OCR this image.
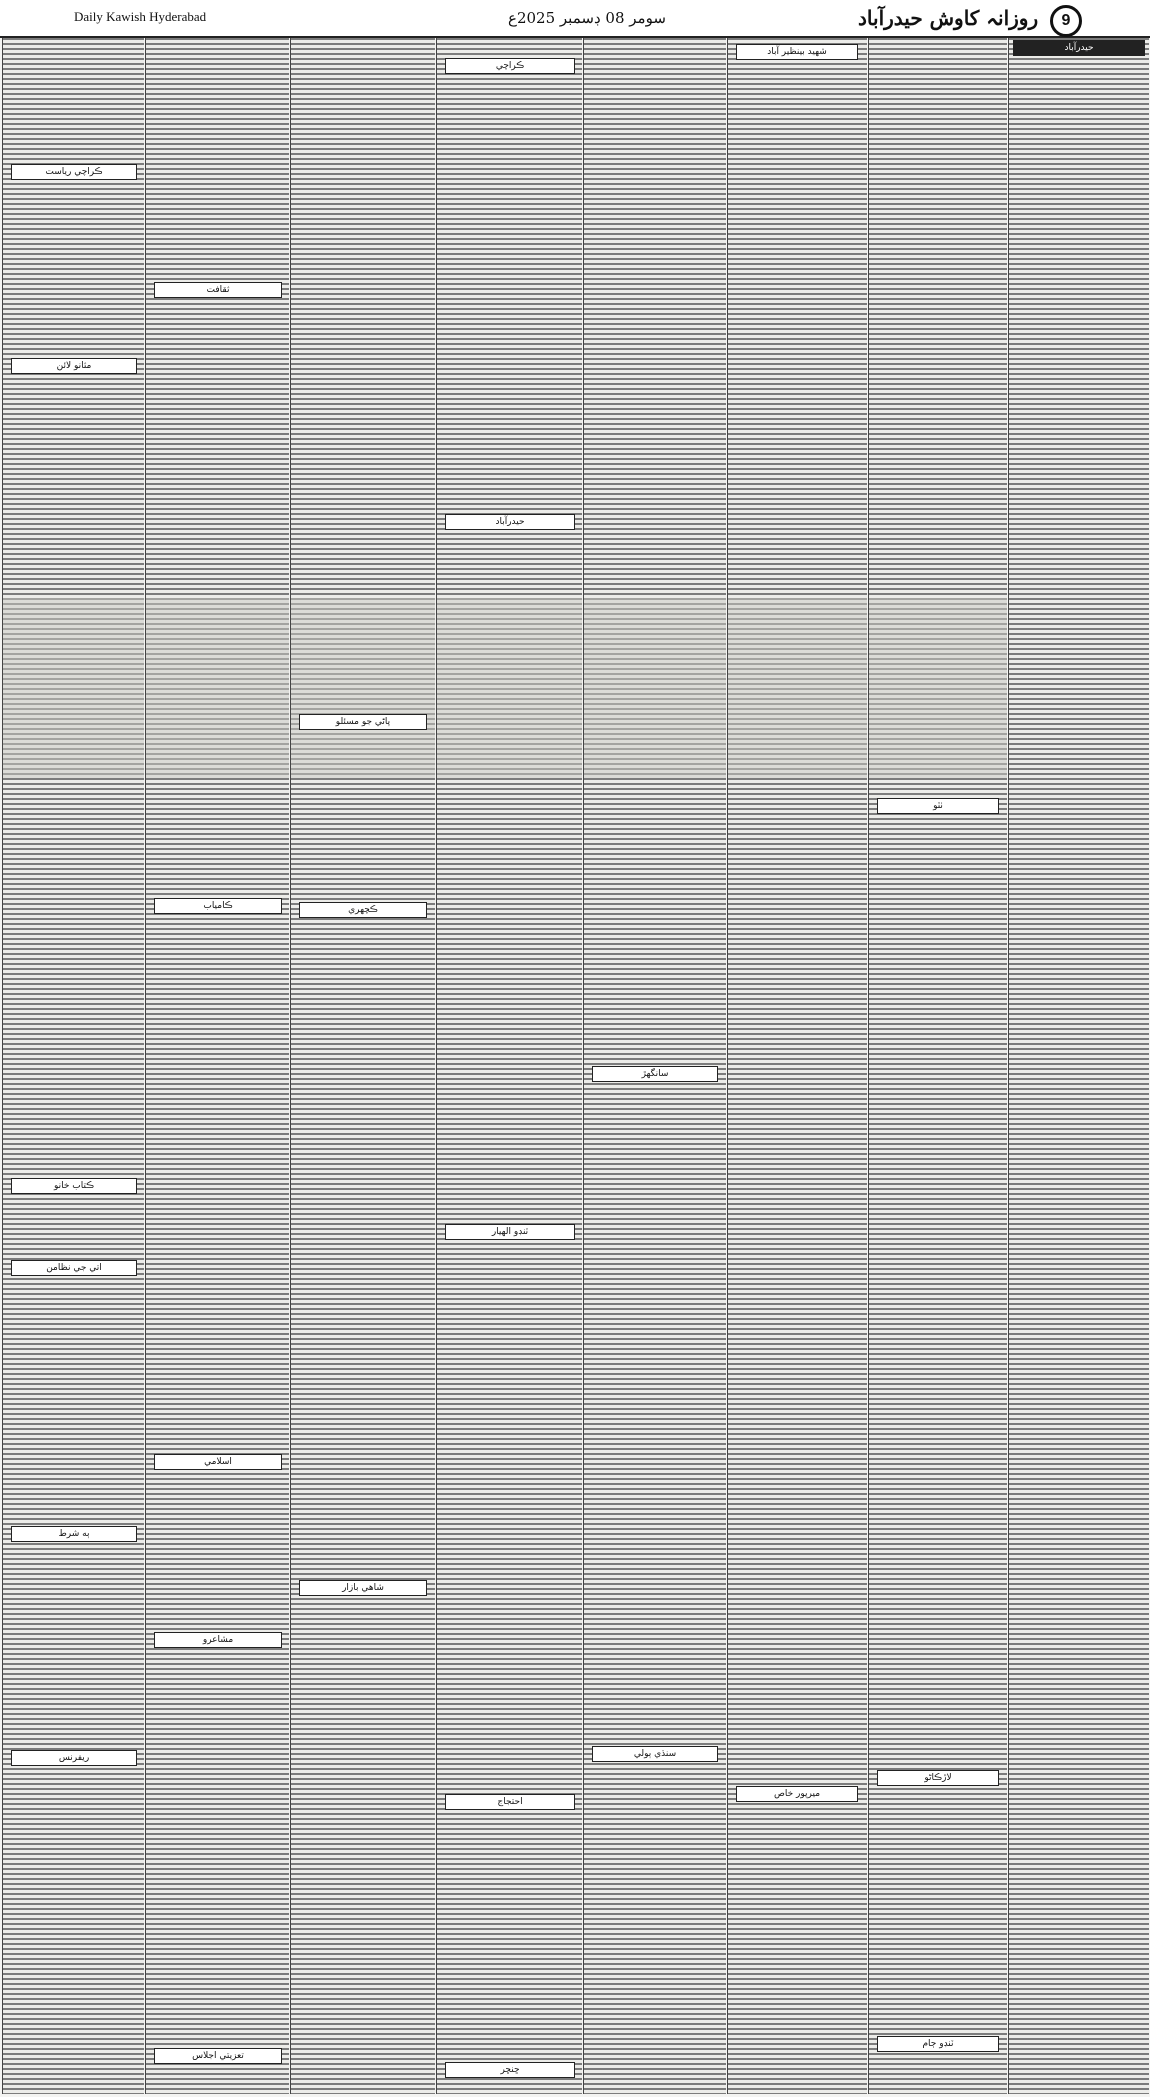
Daily Kawish Hyderabad	سومر 08 ڊسمبر 2025ع	روزانہ کاوش حیدرآباد	9
حيدرآباد
ٺٽو
لاڙڪاڻو
ٽنڊو ڄام
شهيد بينظير آباد
ميرپور خاص
سانگهڙ
سنڌي ٻولي
ڪراچي
حيدرآباد
ٽنڊو الهيار
احتجاج
ڇنڇر
پاڻي جو مسئلو
ڪچهري
شاهي بازار
ثقافت
ڪامياب
اسلامي
مشاعرو
تعزيتي اجلاس
ڪراچي رياست
مثانو لائن
ڪتاب خانو
اتي جي نظامن
ٻه شرط
ريفرنس
